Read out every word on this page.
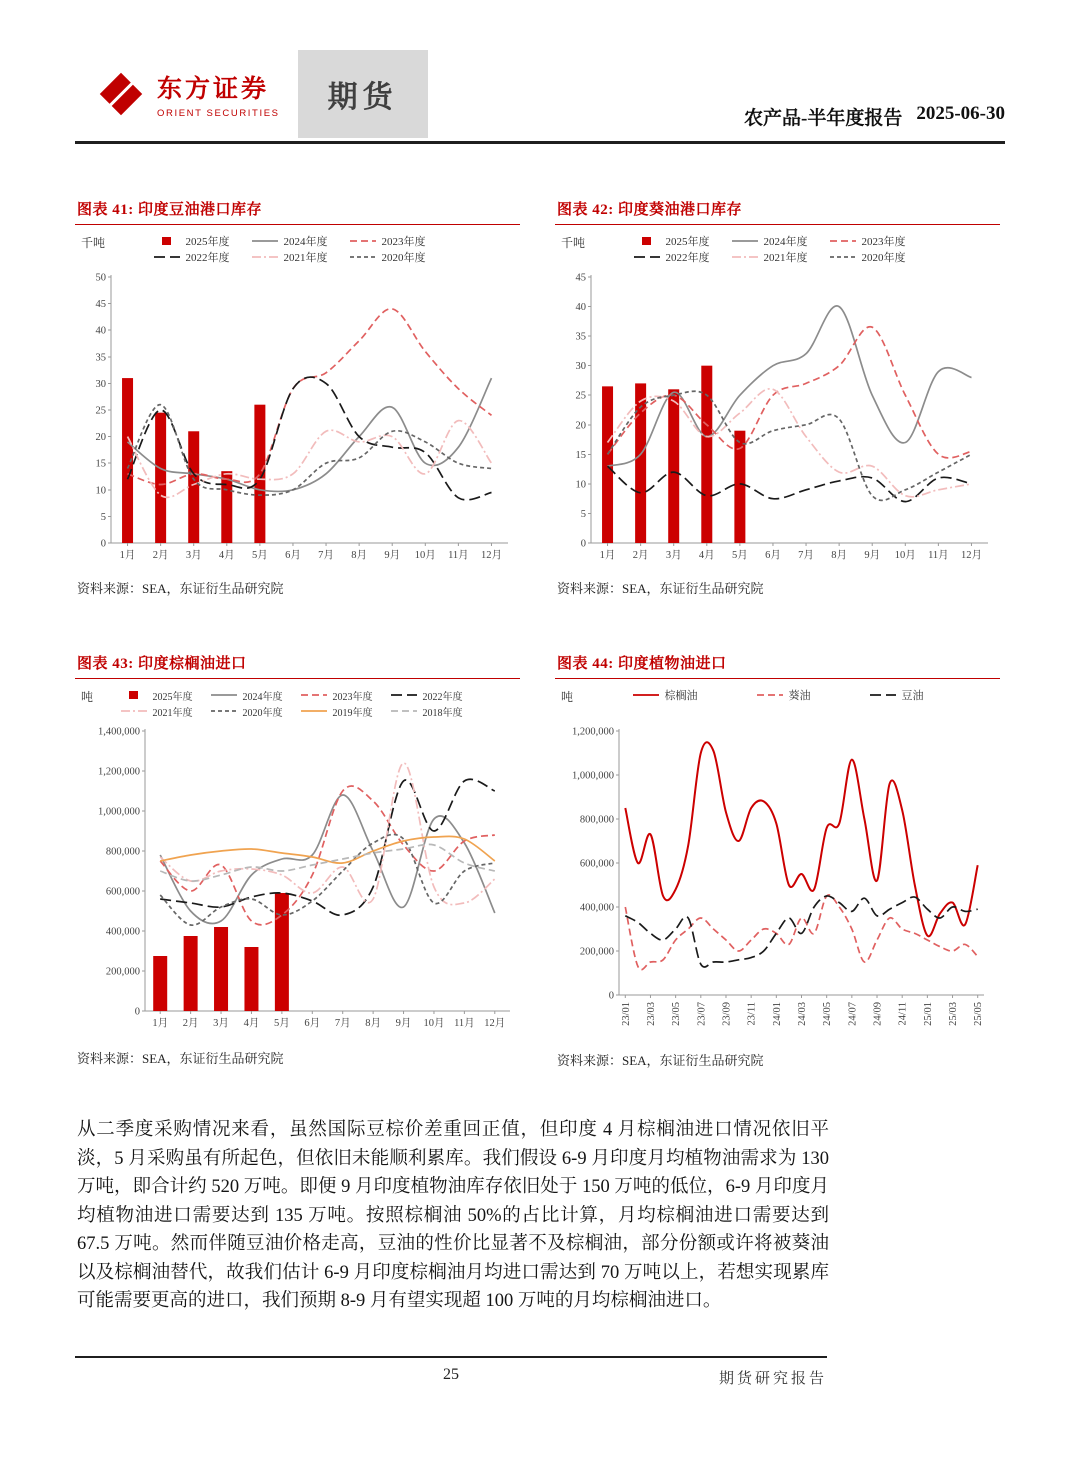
东方证券
ORIENT SECURITIES	期货
农产品-半年度报告 2025-06-30
图表 41: 印度豆油港口库存
千吨	2025年度	2024年度	2023年度
2022年度	2021年度	2020年度
0
5
10
15
20
25
30
35
40
45
50
1月 2月 3月 4月 5月 6月 7月 8月 9月 10月 11月 12月

资料来源：SEA，东证衍生品研究院

图表 42: 印度葵油港口库存
千吨	2025年度	2024年度	2023年度
2022年度	2021年度	2020年度
0
5
10
15
20
25
30
35
40
45
1月 2月 3月 4月 5月 6月 7月 8月 9月 10月 11月 12月

资料来源：SEA，东证衍生品研究院

图表 43: 印度棕榈油进口
吨	2025年度	2024年度	2023年度	2022年度
2021年度	2020年度	2019年度	2018年度
0
200,000
400,000
600,000
800,000
1,000,000
1,200,000
1,400,000
1月 2月 3月 4月 5月 6月 7月 8月 9月 10月 11月 12月

资料来源：SEA，东证衍生品研究院

图表 44: 印度植物油进口
吨	棕榈油	葵油	豆油
0
200,000
400,000
600,000
800,000
1,000,000
1,200,000
23/01 23/03 23/05 23/07 23/09 23/11 24/01 24/03 24/05 24/07 24/09 24/11 25/01 25/03 25/05

资料来源：SEA，东证衍生品研究院

从二季度采购情况来看，虽然国际豆棕价差重回正值，但印度 4 月棕榈油进口情况依旧平淡，5 月采购虽有所起色，但依旧未能顺利累库。我们假设 6-9 月印度月均植物油需求为 130 万吨，即合计约 520 万吨。即便 9 月印度植物油库存依旧处于 150 万吨的低位，6-9 月印度月均植物油进口需要达到 135 万吨。按照棕榈油 50%的占比计算，月均棕榈油进口需要达到 67.5 万吨。然而伴随豆油价格走高，豆油的性价比显著不及棕榈油，部分份额或许将被葵油以及棕榈油替代，故我们估计 6-9 月印度棕榈油月均进口需达到 70 万吨以上，若想实现累库可能需要更高的进口，我们预期 8-9 月有望实现超 100 万吨的月均棕榈油进口。

25	期货研究报告
